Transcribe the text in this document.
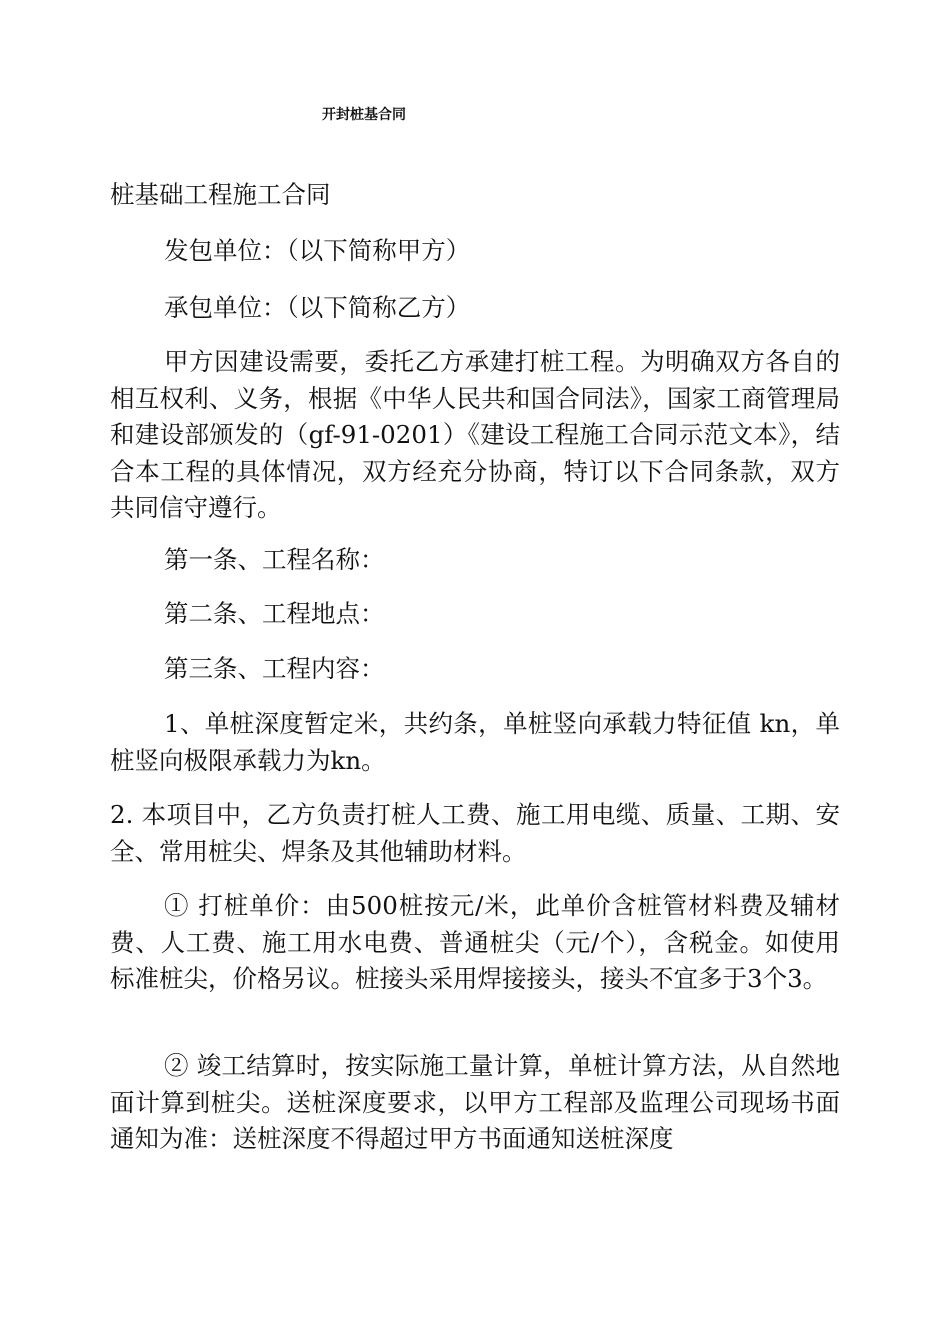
开封桩基合同

桩基础工程施工合同

发包单位：（以下简称甲方）

承包单位：（以下简称乙方）

甲方因建设需要，委托乙方承建打桩工程。为明确双方各自的相互权利、义务，根据《中华人民共和国合同法》，国家工商管理局和建设部颁发的（gf-91-0201）《建设工程施工合同示范文本》，结合本工程的具体情况，双方经充分协商，特订以下合同条款，双方共同信守遵行。

第一条、工程名称：

第二条、工程地点：

第三条、工程内容：

1、单桩深度暂定米，共约条，单桩竖向承载力特征值 kn，单桩竖向极限承载力为kn。

2. 本项目中，乙方负责打桩人工费、施工用电缆、质量、工期、安全、常用桩尖、焊条及其他辅助材料。

① 打桩单价：由500桩按元/米，此单价含桩管材料费及辅材费、人工费、施工用水电费、普通桩尖（元/个），含税金。如使用标准桩尖，价格另议。桩接头采用焊接接头，接头不宜多于3个3。

② 竣工结算时，按实际施工量计算，单桩计算方法，从自然地面计算到桩尖。送桩深度要求，以甲方工程部及监理公司现场书面通知为准：送桩深度不得超过甲方书面通知送桩深度
